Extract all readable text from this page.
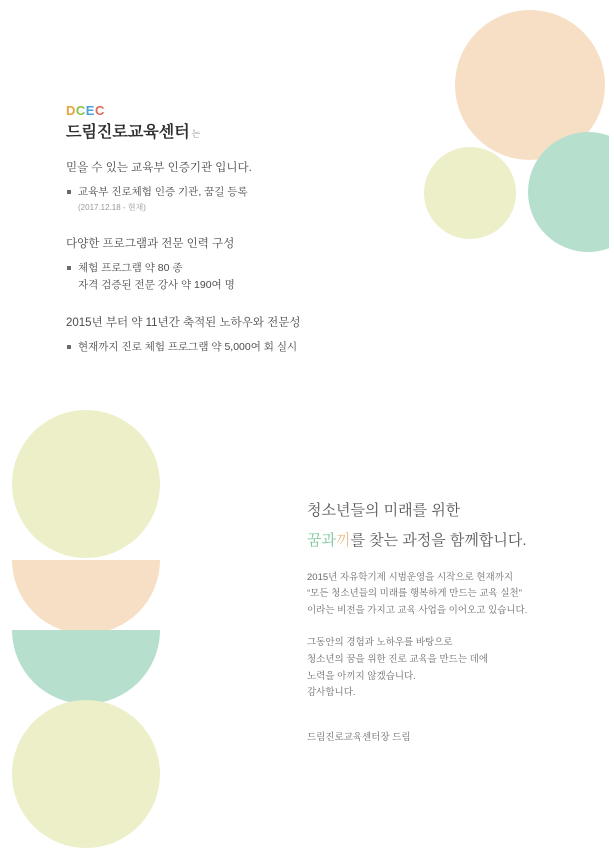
DCEC
드림진로교육센터 는

믿을 수 있는 교육부 인증기관 입니다.

교육부 진로체험 인증 기관, 꿈길 등록
(2017.12.18 - 현재)

다양한 프로그램과 전문 인력 구성

체험 프로그램 약 80 종
자격 검증된 전문 강사 약 190여 명

2015년 부터 약 11년간 축적된 노하우와 전문성

현재까지 진로 체험 프로그램 약 5,000여 회 실시

청소년들의 미래를 위한

꿈과끼를 찾는 과정을 함께합니다.

2015년 자유학기제 시범운영을 시작으로 현재까지
“모든 청소년들의 미래를 행복하게 만드는 교육 실천”
이라는 비전을 가지고 교육 사업을 이어오고 있습니다.

그동안의 경험과 노하우를 바탕으로
청소년의 꿈을 위한 진로 교육을 만드는 데에
노력을 아끼지 않겠습니다.
감사합니다.

드림진로교육센터장 드림
